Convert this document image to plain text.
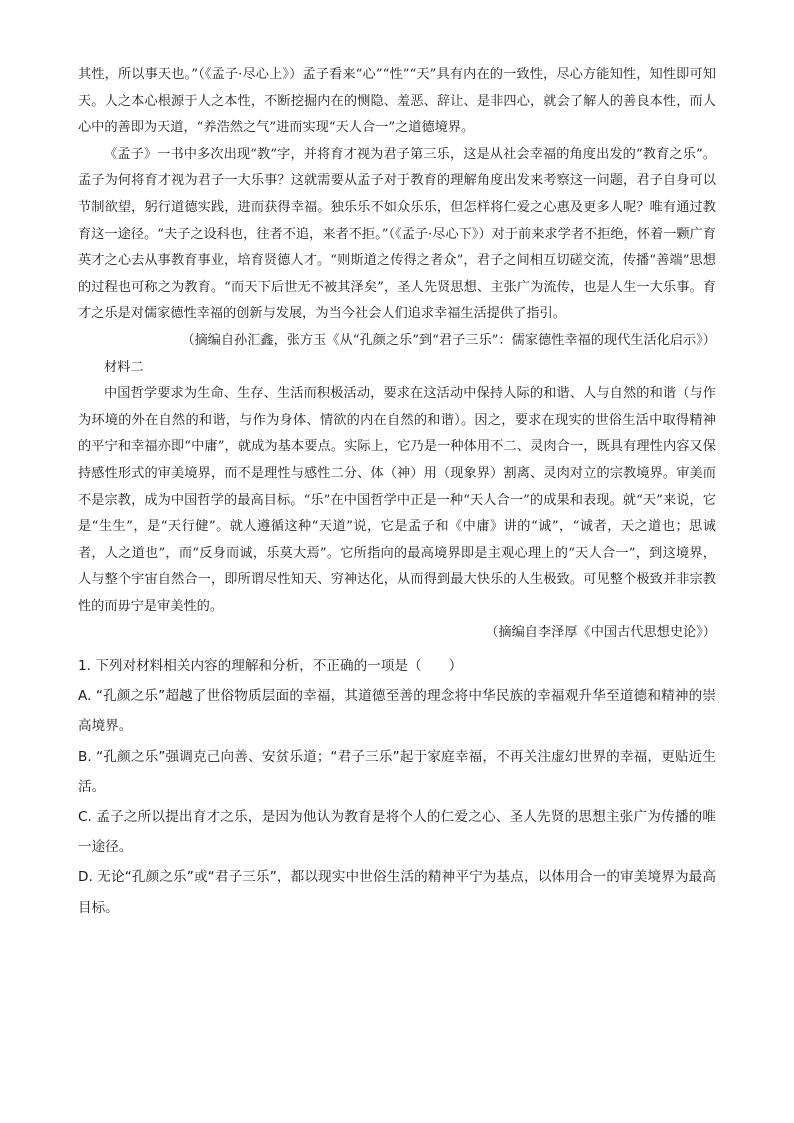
其性，所以事天也。”（《孟子·尽心上》）孟子看来“心”“性”“天”具有内在的一致性，尽心方能知性，知性即可知天。人之本心根源于人之本性，不断挖掘内在的恻隐、羞恶、辞让、是非四心，就会了解人的善良本性，而人心中的善即为天道，“养浩然之气”进而实现“天人合一”之道德境界。

《孟子》一书中多次出现“教”字，并将育才视为君子第三乐，这是从社会幸福的角度出发的“教育之乐”。孟子为何将育才视为君子一大乐事？这就需要从孟子对于教育的理解角度出发来考察这一问题，君子自身可以节制欲望，躬行道德实践，进而获得幸福。独乐乐不如众乐乐，但怎样将仁爱之心惠及更多人呢？唯有通过教育这一途径。“夫子之设科也，往者不追，来者不拒。”（《孟子·尽心下》）对于前来求学者不拒绝，怀着一颗广育英才之心去从事教育事业，培育贤德人才。“则斯道之传得之者众”，君子之间相互切磋交流，传播“善端”思想的过程也可称之为教育。“而天下后世无不被其泽矣”，圣人先贤思想、主张广为流传，也是人生一大乐事。育才之乐是对儒家德性幸福的创新与发展，为当今社会人们追求幸福生活提供了指引。

（摘编自孙汇鑫，张方玉《从“孔颜之乐”到“君子三乐”：儒家德性幸福的现代生活化启示》）

材料二

中国哲学要求为生命、生存、生活而积极活动，要求在这活动中保持人际的和谐、人与自然的和谐（与作为环境的外在自然的和谐，与作为身体、情欲的内在自然的和谐）。因之，要求在现实的世俗生活中取得精神的平宁和幸福亦即“中庸”，就成为基本要点。实际上，它乃是一种体用不二、灵肉合一，既具有理性内容又保持感性形式的审美境界，而不是理性与感性二分、体（神）用（现象界）割离、灵肉对立的宗教境界。审美而不是宗教，成为中国哲学的最高目标。“乐”在中国哲学中正是一种“天人合一”的成果和表现。就“天”来说，它是“生生”，是“天行健”。就人遵循这种“天道”说，它是孟子和《中庸》讲的“诚”，“诚者，天之道也；思诚者，人之道也”，而“反身而诚，乐莫大焉”。它所指向的最高境界即是主观心理上的“天人合一”，到这境界，人与整个宇宙自然合一，即所谓尽性知天、穷神达化，从而得到最大快乐的人生极致。可见整个极致并非宗教性的而毋宁是审美性的。

（摘编自李泽厚《中国古代思想史论》）

1. 下列对材料相关内容的理解和分析，不正确的一项是（　　）

A. “孔颜之乐”超越了世俗物质层面的幸福，其道德至善的理念将中华民族的幸福观升华至道德和精神的崇高境界。

B. “孔颜之乐”强调克己向善、安贫乐道；“君子三乐”起于家庭幸福，不再关注虚幻世界的幸福，更贴近生活。

C. 孟子之所以提出育才之乐，是因为他认为教育是将个人的仁爱之心、圣人先贤的思想主张广为传播的唯一途径。

D. 无论“孔颜之乐”或“君子三乐”，都以现实中世俗生活的精神平宁为基点，以体用合一的审美境界为最高目标。
